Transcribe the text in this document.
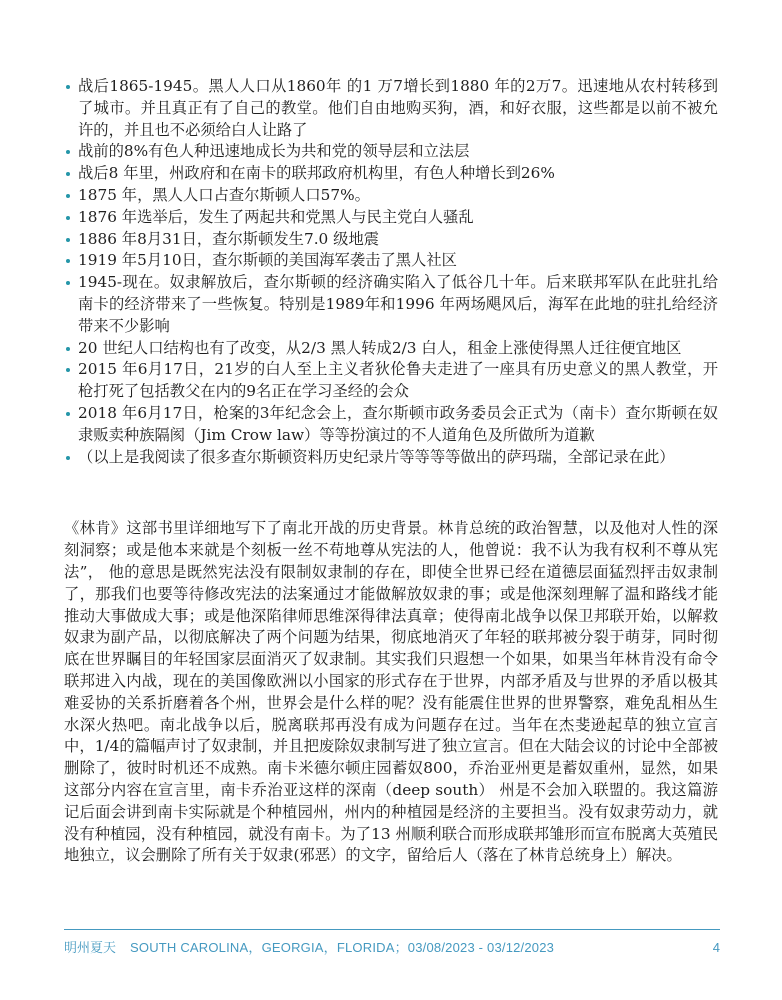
战后1865-1945。黑人人口从1860年 的1 万7增长到1880 年的2万7。迅速地从农村转移到了城市。并且真正有了自己的教堂。他们自由地购买狗，酒，和好衣服，这些都是以前不被允许的，并且也不必须给白人让路了
战前的8%有色人种迅速地成长为共和党的领导层和立法层
战后8 年里，州政府和在南卡的联邦政府机构里，有色人种增长到26%
1875 年，黑人人口占查尔斯顿人口57%。
1876 年选举后，发生了两起共和党黑人与民主党白人骚乱
1886 年8月31日，查尔斯顿发生7.0 级地震
1919 年5月10日，查尔斯顿的美国海军袭击了黑人社区
1945-现在。奴隶解放后，查尔斯顿的经济确实陷入了低谷几十年。后来联邦军队在此驻扎给南卡的经济带来了一些恢复。特别是1989年和1996 年两场飓风后，海军在此地的驻扎给经济带来不少影响
20 世纪人口结构也有了改变，从2/3 黑人转成2/3 白人，租金上涨使得黑人迁往便宜地区
2015 年6月17日，21岁的白人至上主义者狄伦鲁夫走进了一座具有历史意义的黑人教堂，开枪打死了包括教父在内的9名正在学习圣经的会众
2018 年6月17日，枪案的3年纪念会上，查尔斯顿市政务委员会正式为（南卡）查尔斯顿在奴隶贩卖种族隔阂（Jim Crow law）等等扮演过的不人道角色及所做所为道歉
（以上是我阅读了很多查尔斯顿资料历史纪录片等等等等做出的萨玛瑞，全部记录在此）

《林肯》这部书里详细地写下了南北开战的历史背景。林肯总统的政治智慧，以及他对人性的深刻洞察；或是他本来就是个刻板一丝不苟地尊从宪法的人，他曾说：我不认为我有权利不尊从宪法”， 他的意思是既然宪法没有限制奴隶制的存在，即使全世界已经在道德层面猛烈抨击奴隶制了，那我们也要等待修改宪法的法案通过才能做解放奴隶的事；或是他深刻理解了温和路线才能推动大事做成大事；或是他深陷律师思维深得律法真章；使得南北战争以保卫邦联开始，以解救奴隶为副产品，以彻底解决了两个问题为结果，彻底地消灭了年轻的联邦被分裂于萌芽，同时彻底在世界瞩目的年轻国家层面消灭了奴隶制。其实我们只遐想一个如果，如果当年林肯没有命令联邦进入内战，现在的美国像欧洲以小国家的形式存在于世界，内部矛盾及与世界的矛盾以极其难妥协的关系折磨着各个州，世界会是什么样的呢？没有能震住世界的世界警察，难免乱相丛生水深火热吧。南北战争以后，脱离联邦再没有成为问题存在过。当年在杰斐逊起草的独立宣言中，1/4的篇幅声讨了奴隶制，并且把废除奴隶制写进了独立宣言。但在大陆会议的讨论中全部被删除了，彼时时机还不成熟。南卡米德尔顿庄园蓄奴800，乔治亚州更是蓄奴重州，显然，如果这部分内容在宣言里，南卡乔治亚这样的深南（deep south） 州是不会加入联盟的。我这篇游记后面会讲到南卡实际就是个种植园州，州内的种植园是经济的主要担当。没有奴隶劳动力，就没有种植园，没有种植园，就没有南卡。为了13 州顺利联合而形成联邦雏形而宣布脱离大英殖民地独立，议会删除了所有关于奴隶(邪恶）的文字，留给后人（落在了林肯总统身上）解决。

明州夏天 SOUTH CAROLINA，GEORGIA，FLORIDA；03/08/2023 - 03/12/2023	4
